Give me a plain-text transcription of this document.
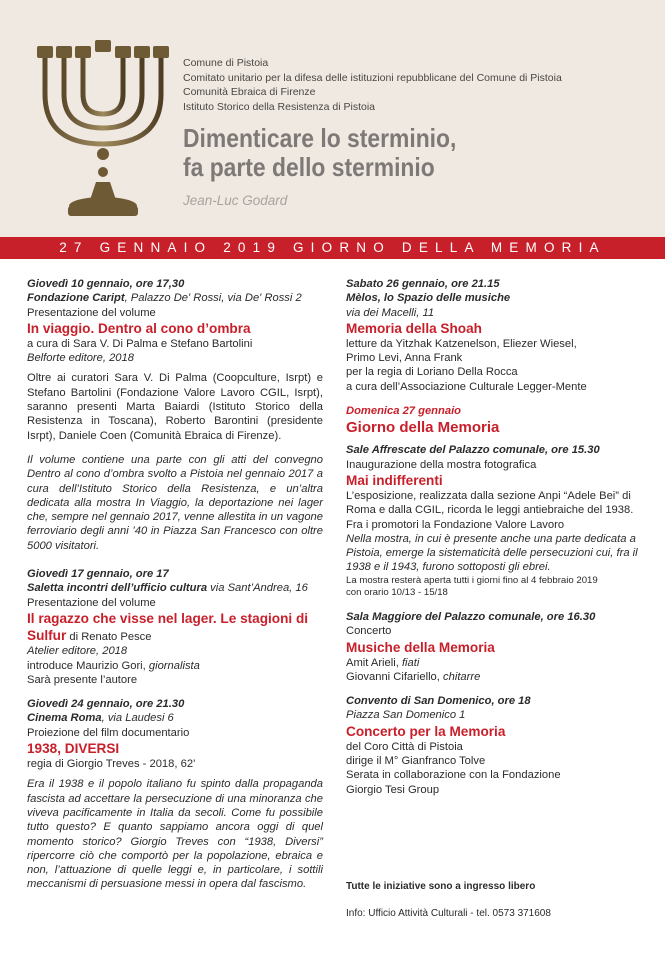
Comune di Pistoia
Comitato unitario per la difesa delle istituzioni repubblicane del Comune di Pistoia
Comunità Ebraica di Firenze
Istituto Storico della Resistenza di Pistoia
Dimenticare lo sterminio,
fa parte dello sterminio
Jean-Luc Godard
27 GENNAIO 2019 GIORNO DELLA MEMORIA

Giovedì 10 gennaio, ore 17,30

Fondazione Caript, Palazzo De' Rossi, via De' Rossi 2

Presentazione del volume

In viaggio. Dentro al cono d’ombra

a cura di Sara V. Di Palma e Stefano Bartolini

Belforte editore, 2018

Oltre ai curatori Sara V. Di Palma (Coopculture, Isrpt) e Stefano Bartolini (Fondazione Valore Lavoro CGIL, Isrpt), saranno presenti Marta Baiardi (Istituto Storico della Resistenza in Toscana), Roberto Barontini (presidente Isrpt), Daniele Coen (Comunità Ebraica di Firenze).

Il volume contiene una parte con gli atti del convegno Dentro al cono d’ombra svolto a Pistoia nel gennaio 2017 a cura dell’Istituto Storico della Resistenza, e un’altra dedicata alla mostra In Viaggio, la deportazione nei lager che, sempre nel gennaio 2017, venne allestita in un vagone ferroviario degli anni ’40 in Piazza San Francesco con oltre 5000 visitatori.

Giovedì 17 gennaio, ore 17

Saletta incontri dell’ufficio cultura via Sant’Andrea, 16

Presentazione del volume

Il ragazzo che visse nel lager. Le stagioni di

Sulfur di Renato Pesce

Atelier editore, 2018

introduce Maurizio Gori, giornalista

Sarà presente l’autore

Giovedì 24 gennaio, ore 21.30

Cinema Roma, via Laudesi 6

Proiezione del film documentario

1938, DIVERSI

regia di Giorgio Treves - 2018, 62’

Era il 1938 e il popolo italiano fu spinto dalla propaganda fascista ad accettare la persecuzione di una minoranza che viveva pacificamente in Italia da secoli. Come fu possibile tutto questo? E quanto sappiamo ancora oggi di quel momento storico? Giorgio Treves con “1938, Diversi” ripercorre ciò che comportò per la popolazione, ebraica e non, l’attuazione di quelle leggi e, in particolare, i sottili meccanismi di persuasione messi in opera dal fascismo.

Sabato 26 gennaio, ore 21.15

Mèlos, lo Spazio delle musiche

via dei Macelli, 11

Memoria della Shoah

letture da Yitzhak Katzenelson, Eliezer Wiesel,

Primo Levi, Anna Frank

per la regia di Loriano Della Rocca

a cura dell’Associazione Culturale Legger-Mente

Domenica 27 gennaio

Giorno della Memoria

Sale Affrescate del Palazzo comunale, ore 15.30

Inaugurazione della mostra fotografica

Mai indifferenti

L’esposizione, realizzata dalla sezione Anpi “Adele Bei” di Roma e dalla CGIL, ricorda le leggi antiebraiche del 1938.

Fra i promotori la Fondazione Valore Lavoro

Nella mostra, in cui è presente anche una parte dedicata a Pistoia, emerge la sistematicità delle persecuzioni cui, fra il 1938 e il 1943, furono sottoposti gli ebrei.

La mostra resterà aperta tutti i giorni fino al 4 febbraio 2019

con orario 10/13 - 15/18

Sala Maggiore del Palazzo comunale, ore 16.30

Concerto

Musiche della Memoria

Amit Arieli, fiati

Giovanni Cifariello, chitarre

Convento di San Domenico, ore 18

Piazza San Domenico 1

Concerto per la Memoria

del Coro Città di Pistoia

dirige il M° Gianfranco Tolve

Serata in collaborazione con la Fondazione

Giorgio Tesi Group

Tutte le iniziative sono a ingresso libero

Info: Ufficio Attività Culturali - tel. 0573 371608
